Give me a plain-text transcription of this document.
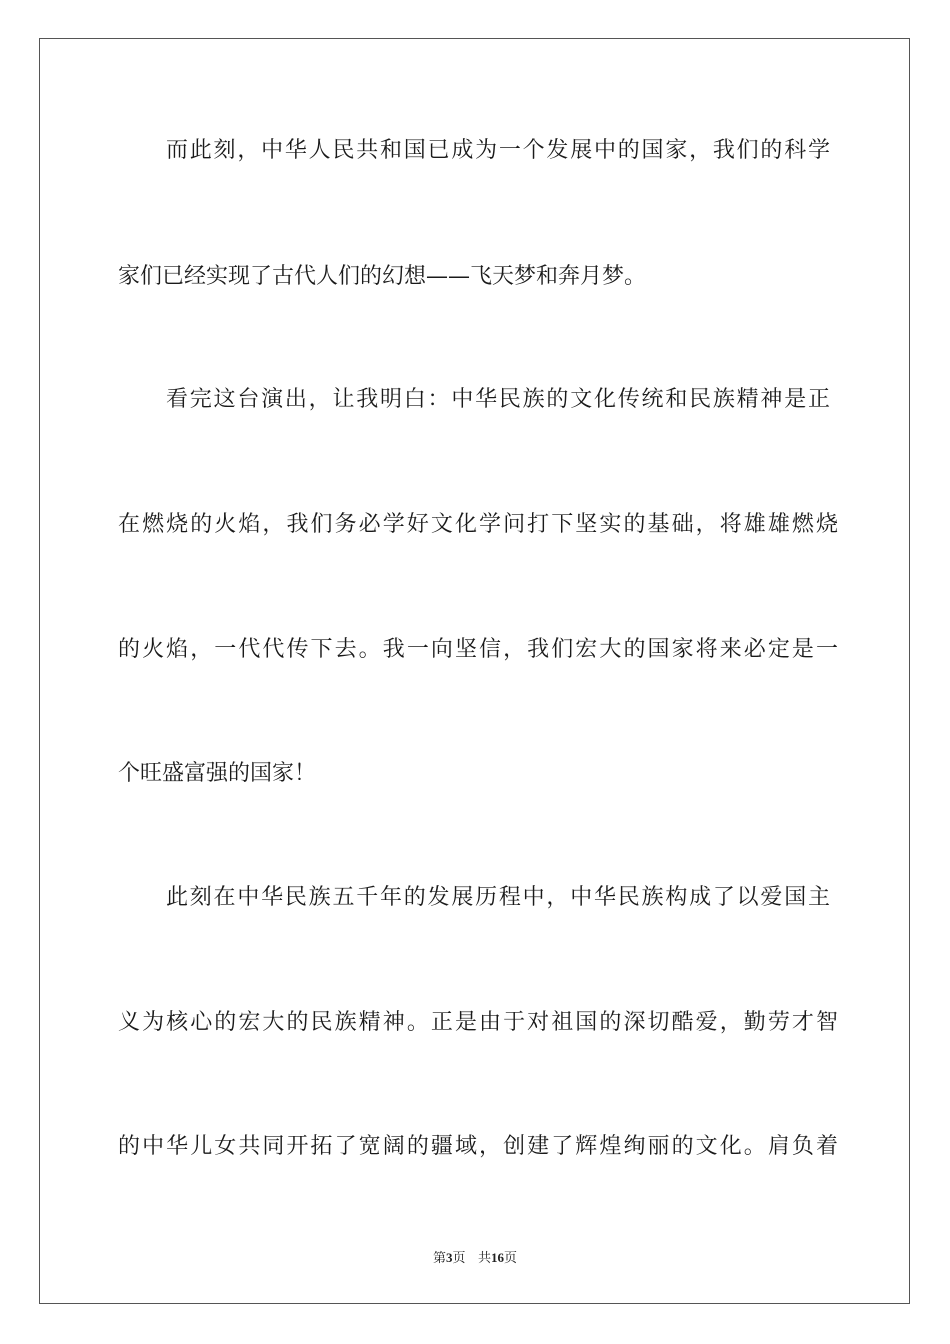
而此刻，中华人民共和国已成为一个发展中的国家，我们的科学
家们已经实现了古代人们的幻想——飞天梦和奔月梦。
看完这台演出，让我明白：中华民族的文化传统和民族精神是正
在燃烧的火焰，我们务必学好文化学问打下坚实的基础，将雄雄燃烧
的火焰，一代代传下去。我一向坚信，我们宏大的国家将来必定是一
个旺盛富强的国家！
此刻在中华民族五千年的发展历程中，中华民族构成了以爱国主
义为核心的宏大的民族精神。正是由于对祖国的深切酷爱，勤劳才智
的中华儿女共同开拓了宽阔的疆域，创建了辉煌绚丽的文化。肩负着
第3页 共16页
